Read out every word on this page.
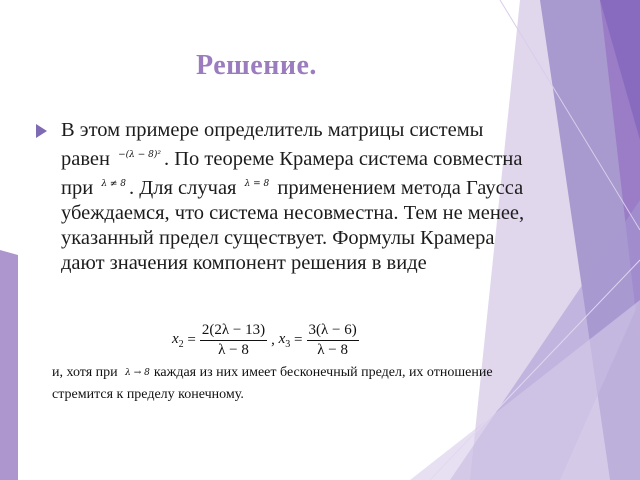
Решение.
В этом примере определитель матрицы системы равен −(λ − 8)² . По теореме Крамера система совместна при λ ≠ 8 . Для случая λ = 8 применением метода Гаусса убеждаемся, что система несовместна. Тем не менее, указанный предел существует. Формулы Крамера дают значения компонент решения в виде
$x_2 = \frac{2(2\lambda - 13)}{\lambda - 8}$ , $x_3 = \frac{3(\lambda - 6)}{\lambda - 8}$
и, хотя при λ → 8 каждая из них имеет бесконечный предел, их отношение стремится к пределу конечному.
